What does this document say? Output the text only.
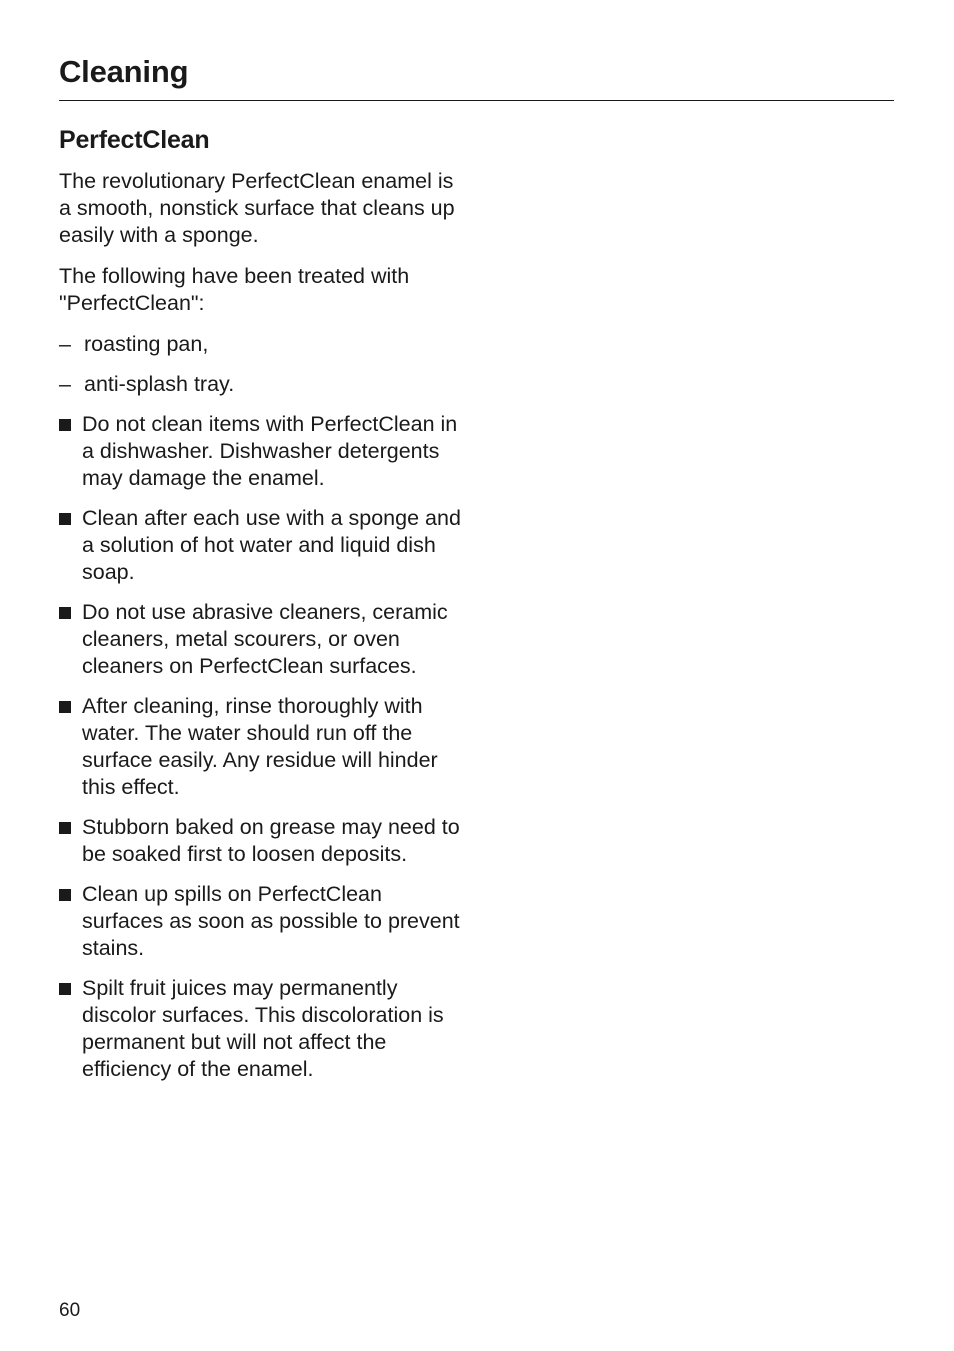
Cleaning
PerfectClean

The revolutionary PerfectClean enamel is a smooth, nonstick surface that cleans up easily with a sponge.

The following have been treated with "PerfectClean":

– roasting pan,
– anti-splash tray.
Do not clean items with PerfectClean in a dishwasher. Dishwasher detergents may damage the enamel.
Clean after each use with a sponge and a solution of hot water and liquid dish soap.
Do not use abrasive cleaners, ceramic cleaners, metal scourers, or oven cleaners on PerfectClean surfaces.
After cleaning, rinse thoroughly with water. The water should run off the surface easily. Any residue will hinder this effect.
Stubborn baked on grease may need to be soaked first to loosen deposits.
Clean up spills on PerfectClean surfaces as soon as possible to prevent stains.
Spilt fruit juices may permanently discolor surfaces. This discoloration is permanent but will not affect the efficiency of the enamel.
60
